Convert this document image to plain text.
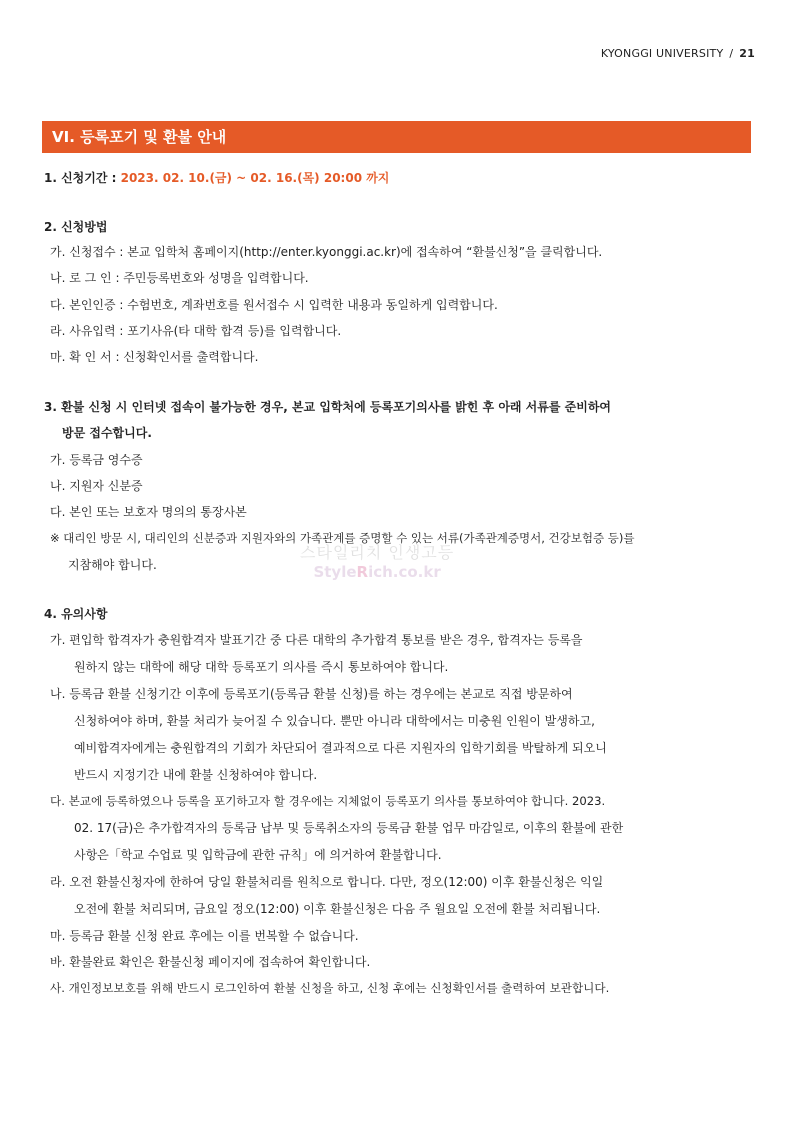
KYONGGI UNIVERSITY / 21
VI. 등록포기 및 환불 안내
1. 신청기간 : 2023. 02. 10.(금) ~ 02. 16.(목) 20:00 까지
2. 신청방법
가. 신청접수 : 본교 입학처 홈페이지(http://enter.kyonggi.ac.kr)에 접속하여 “환불신청”을 클릭합니다.
나. 로 그 인 : 주민등록번호와 성명을 입력합니다.
다. 본인인증 : 수험번호, 계좌번호를 원서접수 시 입력한 내용과 동일하게 입력합니다.
라. 사유입력 : 포기사유(타 대학 합격 등)를 입력합니다.
마. 확 인 서 : 신청확인서를 출력합니다.
3. 환불 신청 시 인터넷 접속이 불가능한 경우, 본교 입학처에 등록포기의사를 밝힌 후 아래 서류를 준비하여
방문 접수합니다.
가. 등록금 영수증
나. 지원자 신분증
다. 본인 또는 보호자 명의의 통장사본
※ 대리인 방문 시, 대리인의 신분증과 지원자와의 가족관계를 증명할 수 있는 서류(가족관계증명서, 건강보험증 등)를
지참해야 합니다.
스타일리치 인생고등
StyleRich.co.kr
4. 유의사항
가. 편입학 합격자가 충원합격자 발표기간 중 다른 대학의 추가합격 통보를 받은 경우, 합격자는 등록을
원하지 않는 대학에 해당 대학 등록포기 의사를 즉시 통보하여야 합니다.
나. 등록금 환불 신청기간 이후에 등록포기(등록금 환불 신청)를 하는 경우에는 본교로 직접 방문하여
신청하여야 하며, 환불 처리가 늦어질 수 있습니다. 뿐만 아니라 대학에서는 미충원 인원이 발생하고,
예비합격자에게는 충원합격의 기회가 차단되어 결과적으로 다른 지원자의 입학기회를 박탈하게 되오니
반드시 지정기간 내에 환불 신청하여야 합니다.
다. 본교에 등록하였으나 등록을 포기하고자 할 경우에는 지체없이 등록포기 의사를 통보하여야 합니다. 2023.
02. 17(금)은 추가합격자의 등록금 납부 및 등록취소자의 등록금 환불 업무 마감일로, 이후의 환불에 관한
사항은「학교 수업료 및 입학금에 관한 규칙」에 의거하여 환불합니다.
라. 오전 환불신청자에 한하여 당일 환불처리를 원칙으로 합니다. 다만, 정오(12:00) 이후 환불신청은 익일
오전에 환불 처리되며, 금요일 정오(12:00) 이후 환불신청은 다음 주 월요일 오전에 환불 처리됩니다.
마. 등록금 환불 신청 완료 후에는 이를 번복할 수 없습니다.
바. 환불완료 확인은 환불신청 페이지에 접속하여 확인합니다.
사. 개인정보보호를 위해 반드시 로그인하여 환불 신청을 하고, 신청 후에는 신청확인서를 출력하여 보관합니다.
